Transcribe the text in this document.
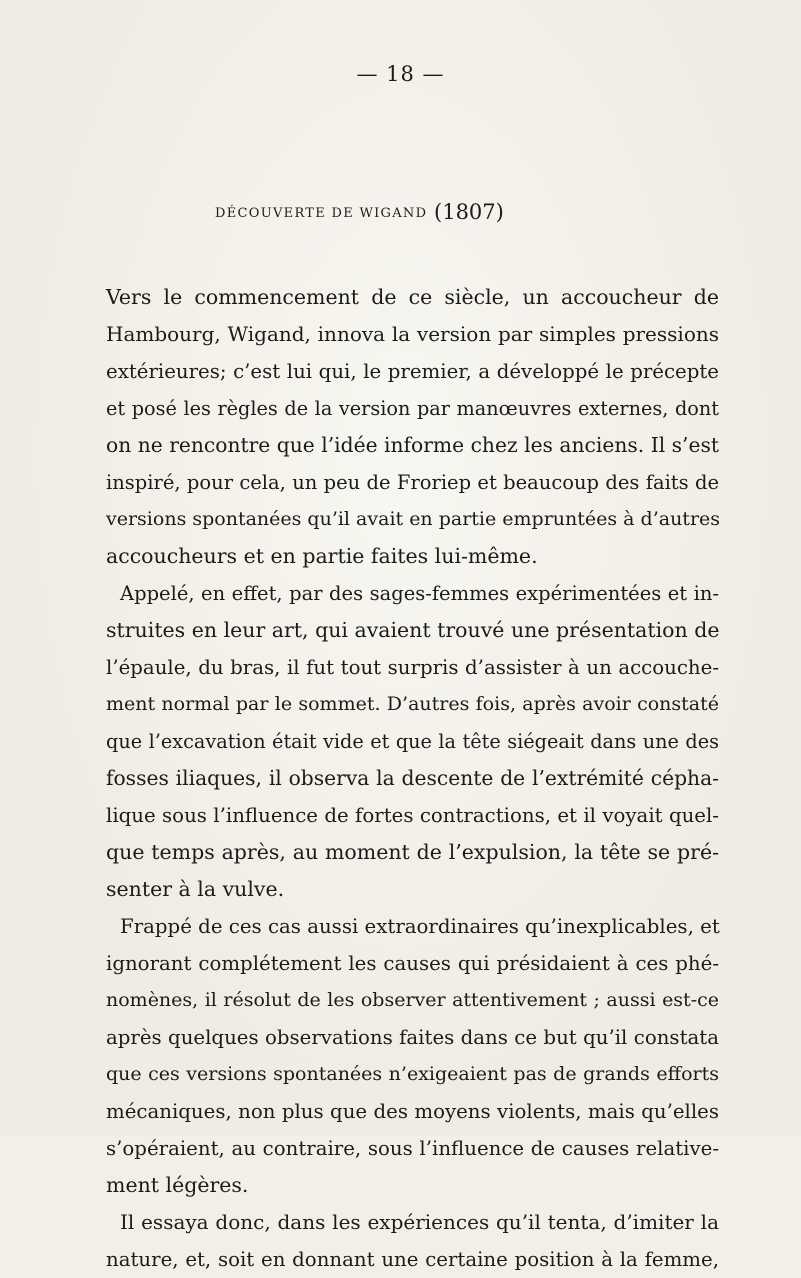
— 18 —
DÉCOUVERTE DE WIGAND (1807)
Vers le commencement de ce siècle, un accoucheur de
Hambourg, Wigand, innova la version par simples pressions
extérieures; c’est lui qui, le premier, a développé le précepte
et posé les règles de la version par manœuvres externes, dont
on ne rencontre que l’idée informe chez les anciens. Il s’est
inspiré, pour cela, un peu de Froriep et beaucoup des faits de
versions spontanées qu’il avait en partie empruntées à d’autres
accoucheurs et en partie faites lui-même.
Appelé, en effet, par des sages-femmes expérimentées et in-
struites en leur art, qui avaient trouvé une présentation de
l’épaule, du bras, il fut tout surpris d’assister à un accouche-
ment normal par le sommet. D’autres fois, après avoir constaté
que l’excavation était vide et que la tête siégeait dans une des
fosses iliaques, il observa la descente de l’extrémité cépha-
lique sous l’influence de fortes contractions, et il voyait quel-
que temps après, au moment de l’expulsion, la tête se pré-
senter à la vulve.
Frappé de ces cas aussi extraordinaires qu’inexplicables, et
ignorant complétement les causes qui présidaient à ces phé-
nomènes, il résolut de les observer attentivement ; aussi est-ce
après quelques observations faites dans ce but qu’il constata
que ces versions spontanées n’exigeaient pas de grands efforts
mécaniques, non plus que des moyens violents, mais qu’elles
s’opéraient, au contraire, sous l’influence de causes relative-
ment légères.
Il essaya donc, dans les expériences qu’il tenta, d’imiter la
nature, et, soit en donnant une certaine position à la femme,
